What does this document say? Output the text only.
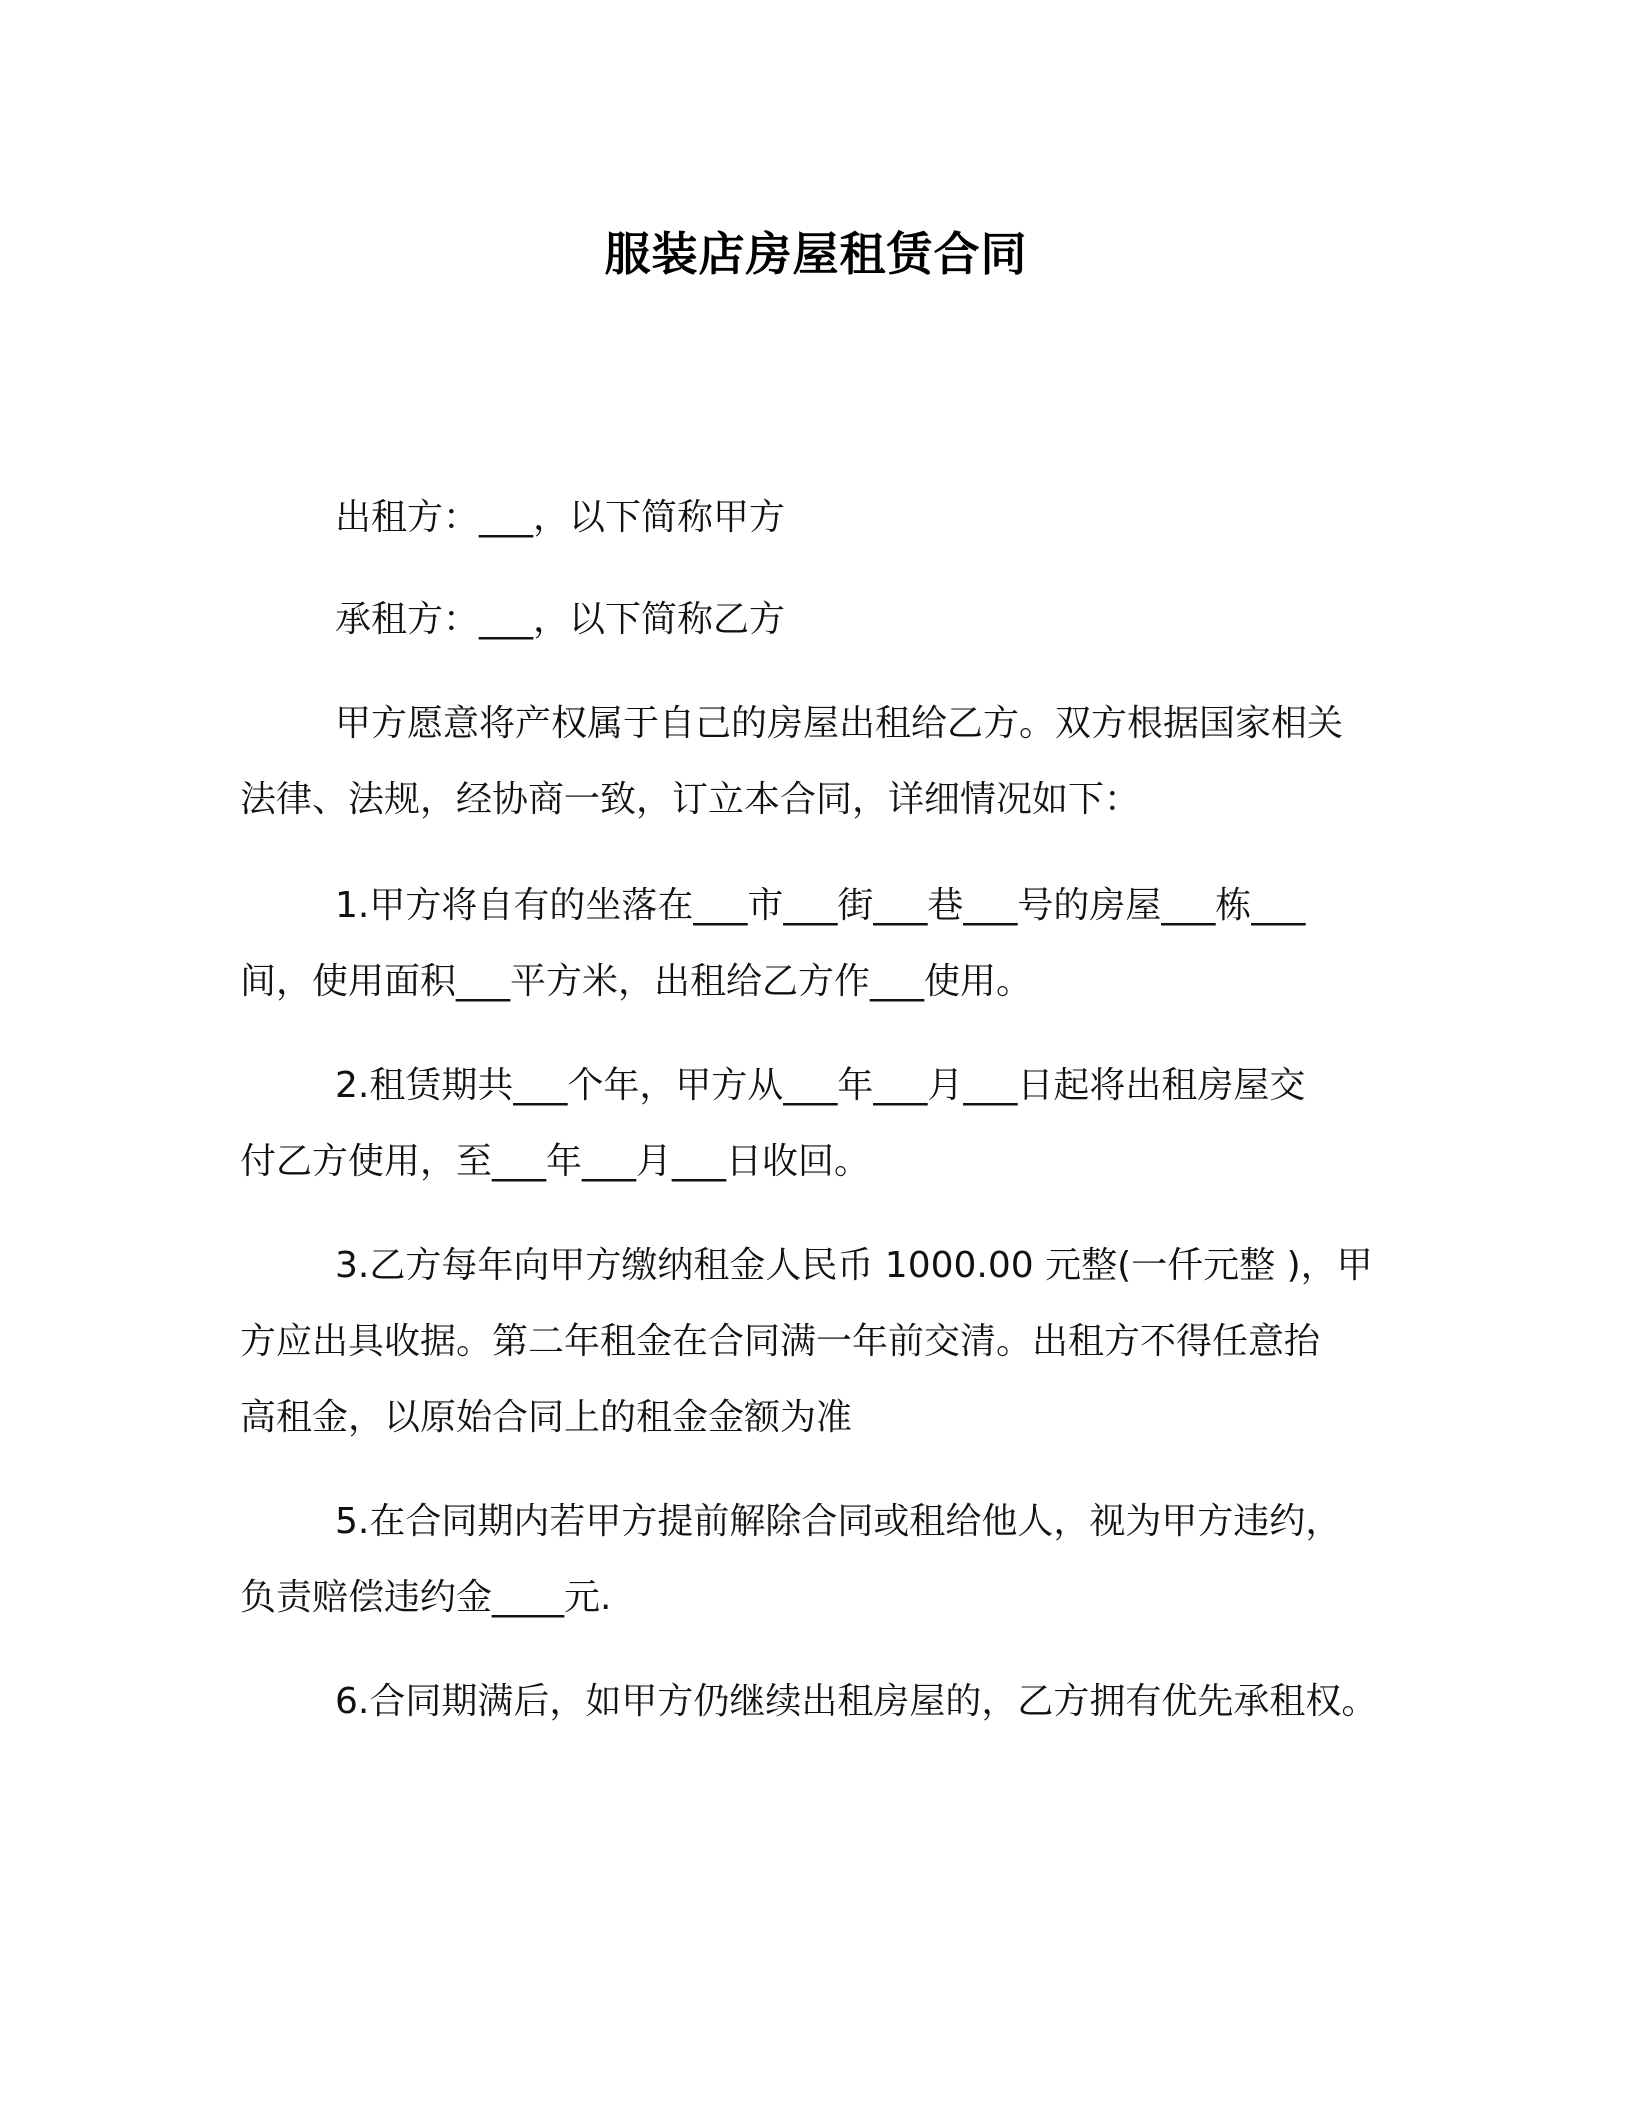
服装店房屋租赁合同
出租方：___，以下简称甲方
承租方：___，以下简称乙方
甲方愿意将产权属于自己的房屋出租给乙方。双方根据国家相关
法律、法规，经协商一致，订立本合同，详细情况如下：
1.甲方将自有的坐落在___市___街___巷___号的房屋___栋___
间，使用面积___平方米，出租给乙方作___使用。
2.租赁期共___个年，甲方从___年___月___日起将出租房屋交
付乙方使用，至___年___月___日收回。
3.乙方每年向甲方缴纳租金人民币 1000.00 元整(一仟元整 )，甲
方应出具收据。第二年租金在合同满一年前交清。出租方不得任意抬
高租金，以原始合同上的租金金额为准
5.在合同期内若甲方提前解除合同或租给他人，视为甲方违约，
负责赔偿违约金____元.
6.合同期满后，如甲方仍继续出租房屋的，乙方拥有优先承租权。
